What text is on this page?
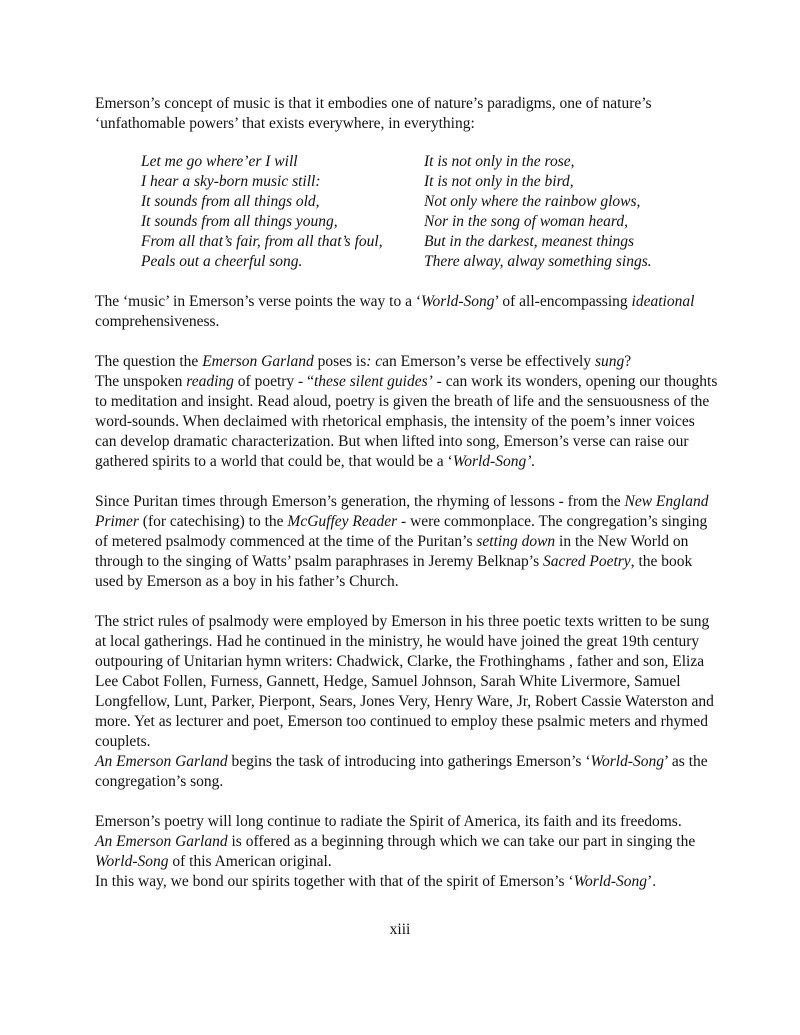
Emerson’s concept of music is that it embodies one of nature’s paradigms, one of nature’s ‘unfathomable powers’ that exists everywhere, in everything:

Let me go where’er I will
I hear a sky-born music still:
It sounds from all things old,
It sounds from all things young,
From all that’s fair, from all that’s foul,
Peals out a cheerful song.
It is not only in the rose,
It is not only in the bird,
Not only where the rainbow glows,
Nor in the song of woman heard,
But in the darkest, meanest things
There alway, alway something sings.

The ‘music’ in Emerson’s verse points the way to a ‘World-Song’ of all-encompassing ideational comprehensiveness.

The question the Emerson Garland poses is: can Emerson’s verse be effectively sung?

The unspoken reading of poetry - “these silent guides’ - can work its wonders, opening our thoughts to meditation and insight. Read aloud, poetry is given the breath of life and the sensuousness of the word-sounds. When declaimed with rhetorical emphasis, the intensity of the poem’s inner voices can develop dramatic characterization. But when lifted into song, Emerson’s verse can raise our gathered spirits to a world that could be, that would be a ‘World-Song’.

Since Puritan times through Emerson’s generation, the rhyming of lessons - from the New England Primer (for catechising) to the McGuffey Reader - were commonplace. The congregation’s singing of metered psalmody commenced at the time of the Puritan’s setting down in the New World on through to the singing of Watts’ psalm paraphrases in Jeremy Belknap’s Sacred Poetry, the book used by Emerson as a boy in his father’s Church.

The strict rules of psalmody were employed by Emerson in his three poetic texts written to be sung at local gatherings. Had he continued in the ministry, he would have joined the great 19th century outpouring of Unitarian hymn writers: Chadwick, Clarke, the Frothinghams , father and son, Eliza Lee Cabot Follen, Furness, Gannett, Hedge, Samuel Johnson, Sarah White Livermore, Samuel Longfellow, Lunt, Parker, Pierpont, Sears, Jones Very, Henry Ware, Jr, Robert Cassie Waterston and more. Yet as lecturer and poet, Emerson too continued to employ these psalmic meters and rhymed couplets.

An Emerson Garland begins the task of introducing into gatherings Emerson’s ‘World-Song’ as the congregation’s song.

Emerson’s poetry will long continue to radiate the Spirit of America, its faith and its freedoms.

An Emerson Garland is offered as a beginning through which we can take our part in singing the World-Song of this American original.

In this way, we bond our spirits together with that of the spirit of Emerson’s ‘World-Song’.

xiii
